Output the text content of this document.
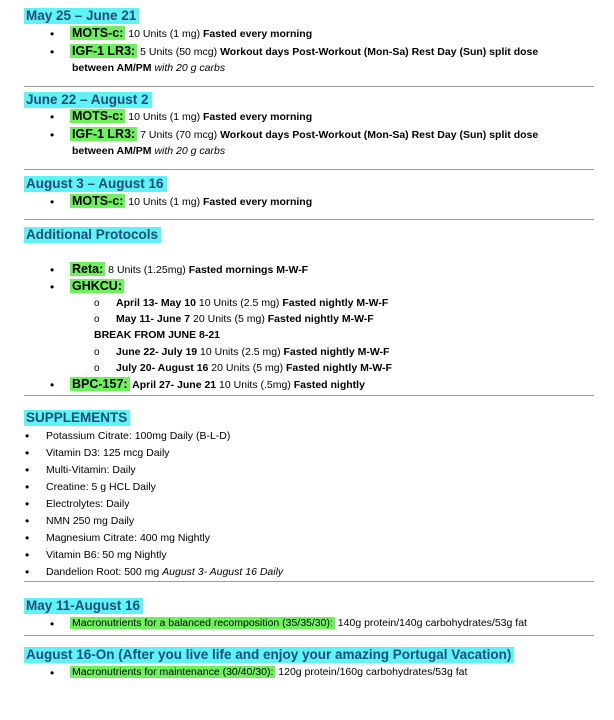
May 25 – June 21
• MOTS-c: 10 Units (1 mg) Fasted every morning
• IGF-1 LR3: 5 Units (50 mcg) Workout days Post-Workout (Mon-Sa) Rest Day (Sun) split dose
between AM/PM with 20 g carbs
June 22 – August 2
• MOTS-c: 10 Units (1 mg) Fasted every morning
• IGF-1 LR3: 7 Units (70 mcg) Workout days Post-Workout (Mon-Sa) Rest Day (Sun) split dose
between AM/PM with 20 g carbs
August 3 – August 16
• MOTS-c: 10 Units (1 mg) Fasted every morning
Additional Protocols
• Reta: 8 Units (1.25mg) Fasted mornings M-W-F
• GHKCU:
o April 13- May 10 10 Units (2.5 mg) Fasted nightly M-W-F
o May 11- June 7 20 Units (5 mg) Fasted nightly M-W-F
BREAK FROM JUNE 8-21
o June 22- July 19 10 Units (2.5 mg) Fasted nightly M-W-F
o July 20- August 16 20 Units (5 mg) Fasted nightly M-W-F
• BPC-157: April 27- June 21 10 Units (.5mg) Fasted nightly
SUPPLEMENTS
• Potassium Citrate: 100mg Daily (B-L-D)
• Vitamin D3: 125 mcg Daily
• Multi-Vitamin: Daily
• Creatine: 5 g HCL Daily
• Electrolytes: Daily
• NMN 250 mg Daily
• Magnesium Citrate: 400 mg Nightly
• Vitamin B6: 50 mg Nightly
• Dandelion Root: 500 mg August 3- August 16 Daily
May 11-August 16
• Macronutrients for a balanced recomposition (35/35/30): 140g protein/140g carbohydrates/53g fat
August 16-On (After you live life and enjoy your amazing Portugal Vacation)
• Macronutrients for maintenance (30/40/30): 120g protein/160g carbohydrates/53g fat
